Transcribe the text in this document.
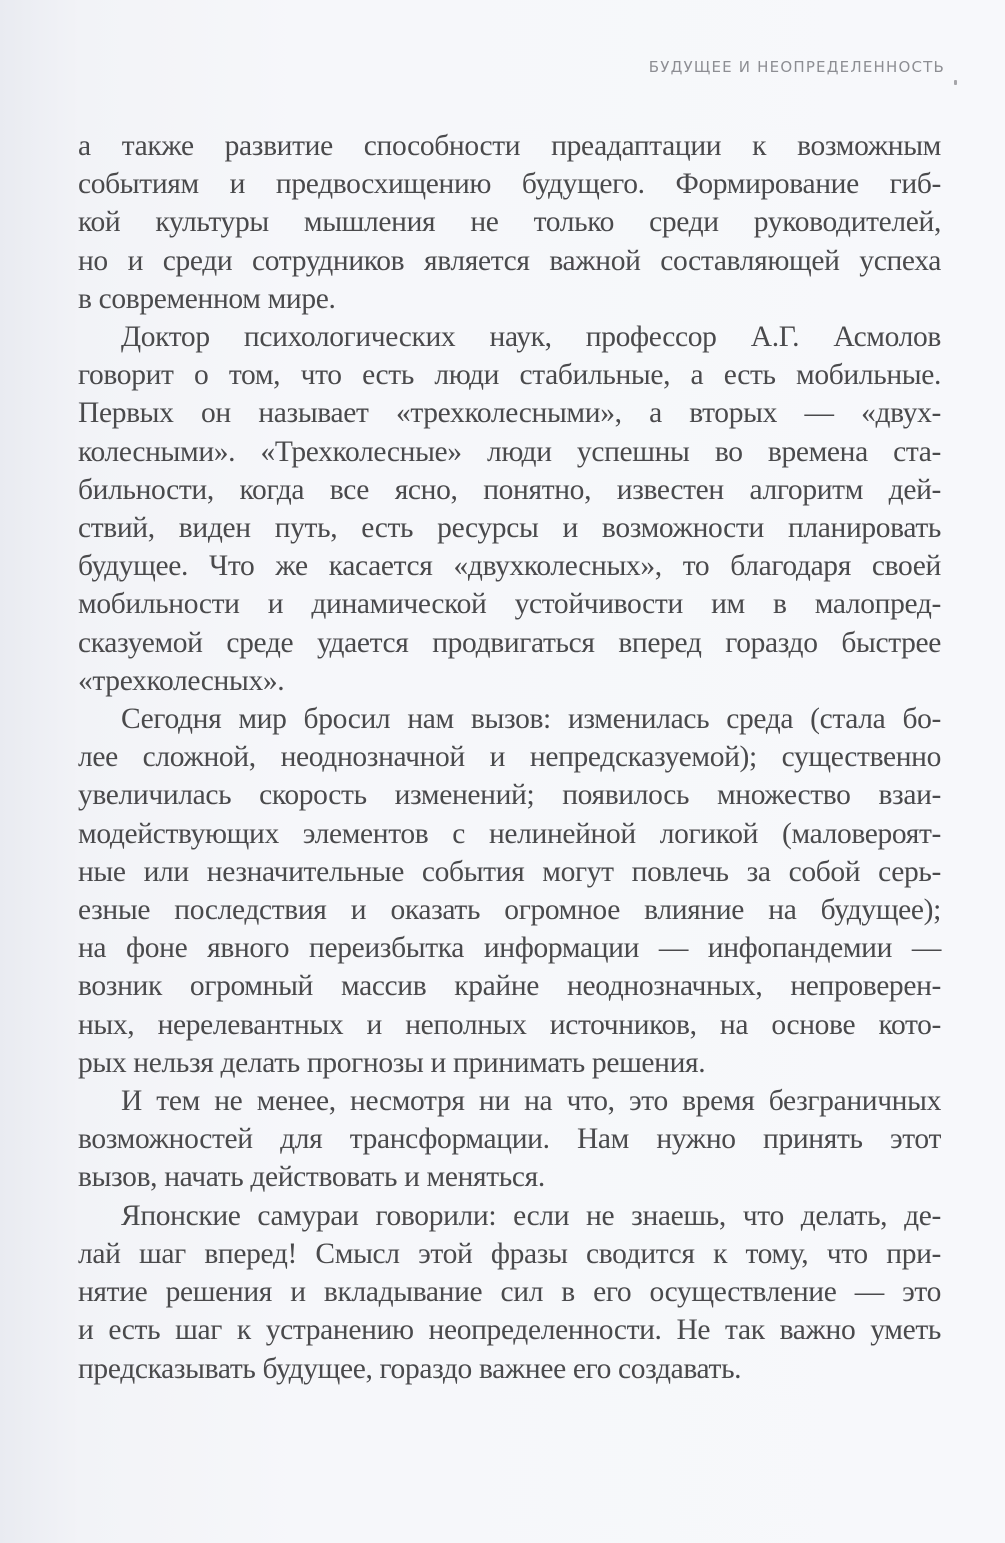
БУДУЩЕЕ И НЕОПРЕДЕЛЕННОСТЬ

а также развитие способности преадаптации к возможным
событиям и предвосхищению будущего. Формирование гиб-
кой культуры мышления не только среди руководителей,
но и среди сотрудников является важной составляющей успеха
в современном мире.

Доктор психологических наук, профессор А.Г. Асмолов
говорит о том, что есть люди стабильные, а есть мобильные.
Первых он называет «трехколесными», а вторых — «двух-
колесными». «Трехколесные» люди успешны во времена ста-
бильности, когда все ясно, понятно, известен алгоритм дей-
ствий, виден путь, есть ресурсы и возможности планировать
будущее. Что же касается «двухколесных», то благодаря своей
мобильности и динамической устойчивости им в малопред-
сказуемой среде удается продвигаться вперед гораздо быстрее
«трехколесных».

Сегодня мир бросил нам вызов: изменилась среда (стала бо-
лее сложной, неоднозначной и непредсказуемой); существенно
увеличилась скорость изменений; появилось множество взаи-
модействующих элементов с нелинейной логикой (маловероят-
ные или незначительные события могут повлечь за собой серь-
езные последствия и оказать огромное влияние на будущее);
на фоне явного переизбытка информации — инфопандемии —
возник огромный массив крайне неоднозначных, непроверен-
ных, нерелевантных и неполных источников, на основе кото-
рых нельзя делать прогнозы и принимать решения.

И тем не менее, несмотря ни на что, это время безграничных
возможностей для трансформации. Нам нужно принять этот
вызов, начать действовать и меняться.

Японские самураи говорили: если не знаешь, что делать, де-
лай шаг вперед! Смысл этой фразы сводится к тому, что при-
нятие решения и вкладывание сил в его осуществление — это
и есть шаг к устранению неопределенности. Не так важно уметь
предсказывать будущее, гораздо важнее его создавать.
